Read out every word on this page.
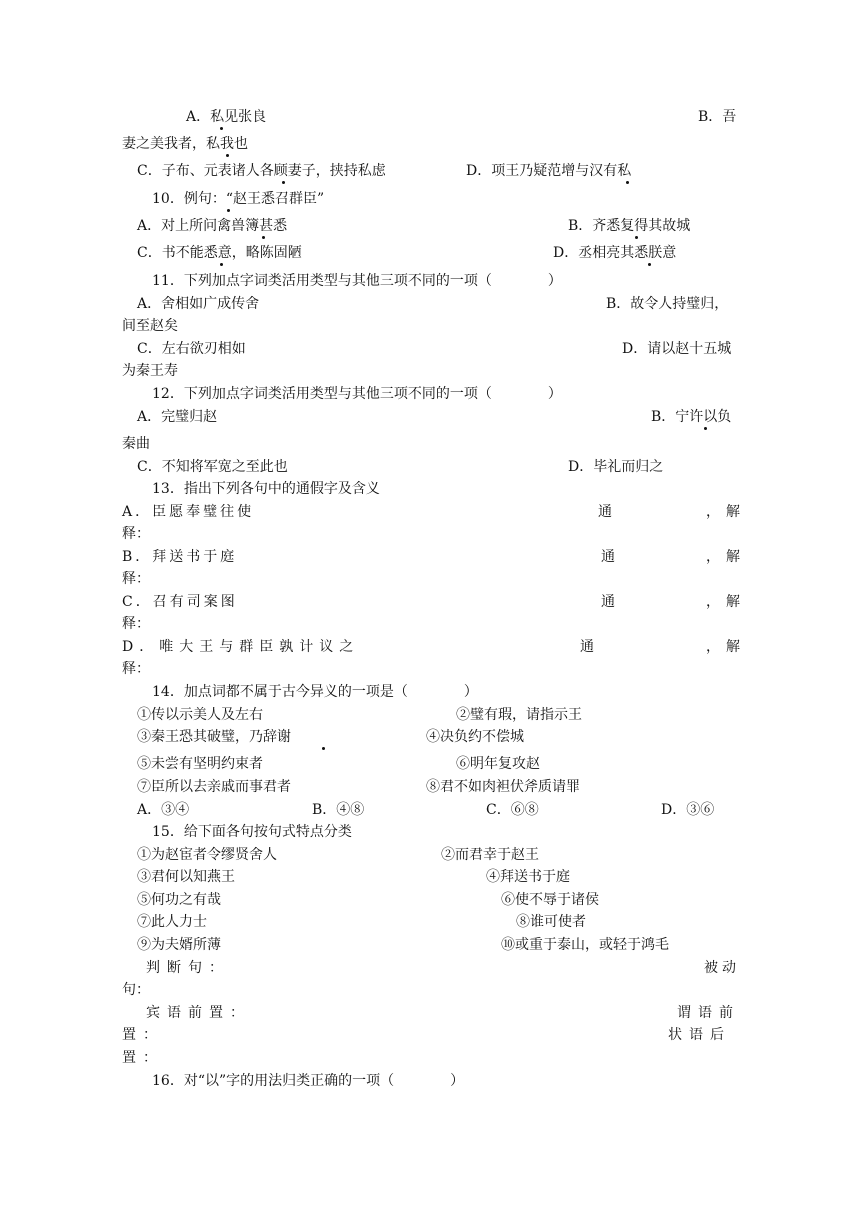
A．私见张良	B．吾
妻之美我者，私我也
C．子布、元表诸人各顾妻子，挟持私虑	D．项王乃疑范增与汉有私
10．例句：“赵王悉召群臣”
A．对上所问禽兽簿甚悉	B．齐悉复得其故城
C．书不能悉意，略陈固陋	D．丞相亮其悉朕意
11．下列加点字词类活用类型与其他三项不同的一项（　　　　）
A．舍相如广成传舍	B．故令人持璧归，
间至赵矣
C．左右欲刃相如	D．请以赵十五城
为秦王寿
12．下列加点字词类活用类型与其他三项不同的一项（　　　　）
A．完璧归赵	B．宁许以负
秦曲
C．不知将军宽之至此也	D．毕礼而归之
13．指出下列各句中的通假字及含义
A．臣愿奉璧往使	通	，解
释：
B．拜送书于庭	通	，解
释：
C．召有司案图	通	，解
释：
D．唯大王与群臣孰计议之	通	，解
释：
14．加点词都不属于古今异义的一项是（　　　　）
①传以示美人及左右	②璧有瑕，请指示王
③秦王恐其破璧，乃辞谢	④决负约不偿城
⑤未尝有坚明约束者	⑥明年复攻赵
⑦臣所以去亲戚而事君者	⑧君不如肉袒伏斧质请罪
A．③④	B．④⑧	C．⑥⑧	D．③⑥
15．给下面各句按句式特点分类
①为赵宦者令缪贤舍人	②而君幸于赵王
③君何以知燕王	④拜送书于庭
⑤何功之有哉	⑥使不辱于诸侯
⑦此人力士	⑧谁可使者
⑨为夫婿所薄	⑩或重于泰山，或轻于鸿毛
判断句：	被动
句：
宾语前置：	谓语前
置：	状语后
置：
16．对“以”字的用法归类正确的一项（　　　　）
